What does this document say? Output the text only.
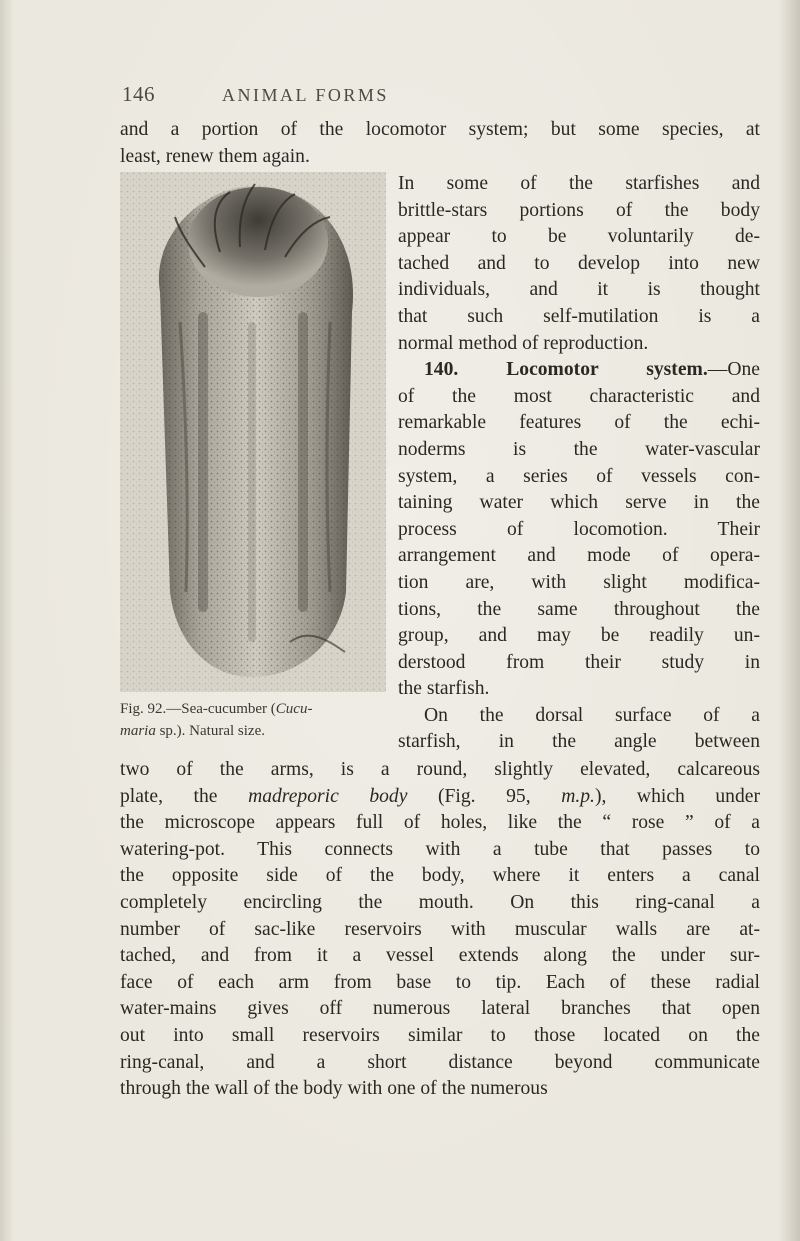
146	ANIMAL FORMS

and a portion of the locomotor system; but some species, at

least, renew them again.

Fig. 92.—Sea-cucumber (Cucu-

maria sp.). Natural size.

In some of the starfishes and

brittle-stars portions of the body

appear to be voluntarily de-

tached and to develop into new

individuals, and it is thought

that such self-mutilation is a

normal method of reproduction.

140. Locomotor system.—One

of the most characteristic and

remarkable features of the echi-

noderms is the water-vascular

system, a series of vessels con-

taining water which serve in the

process of locomotion. Their

arrangement and mode of opera-

tion are, with slight modifica-

tions, the same throughout the

group, and may be readily un-

derstood from their study in

the starfish.

On the dorsal surface of a

starfish, in the angle between

two of the arms, is a round, slightly elevated, calcareous

plate, the madreporic body (Fig. 95, m.p.), which under

the microscope appears full of holes, like the “ rose ” of a

watering-pot. This connects with a tube that passes to

the opposite side of the body, where it enters a canal

completely encircling the mouth. On this ring-canal a

number of sac-like reservoirs with muscular walls are at-

tached, and from it a vessel extends along the under sur-

face of each arm from base to tip. Each of these radial

water-mains gives off numerous lateral branches that open

out into small reservoirs similar to those located on the

ring-canal, and a short distance beyond communicate

through the wall of the body with one of the numerous
